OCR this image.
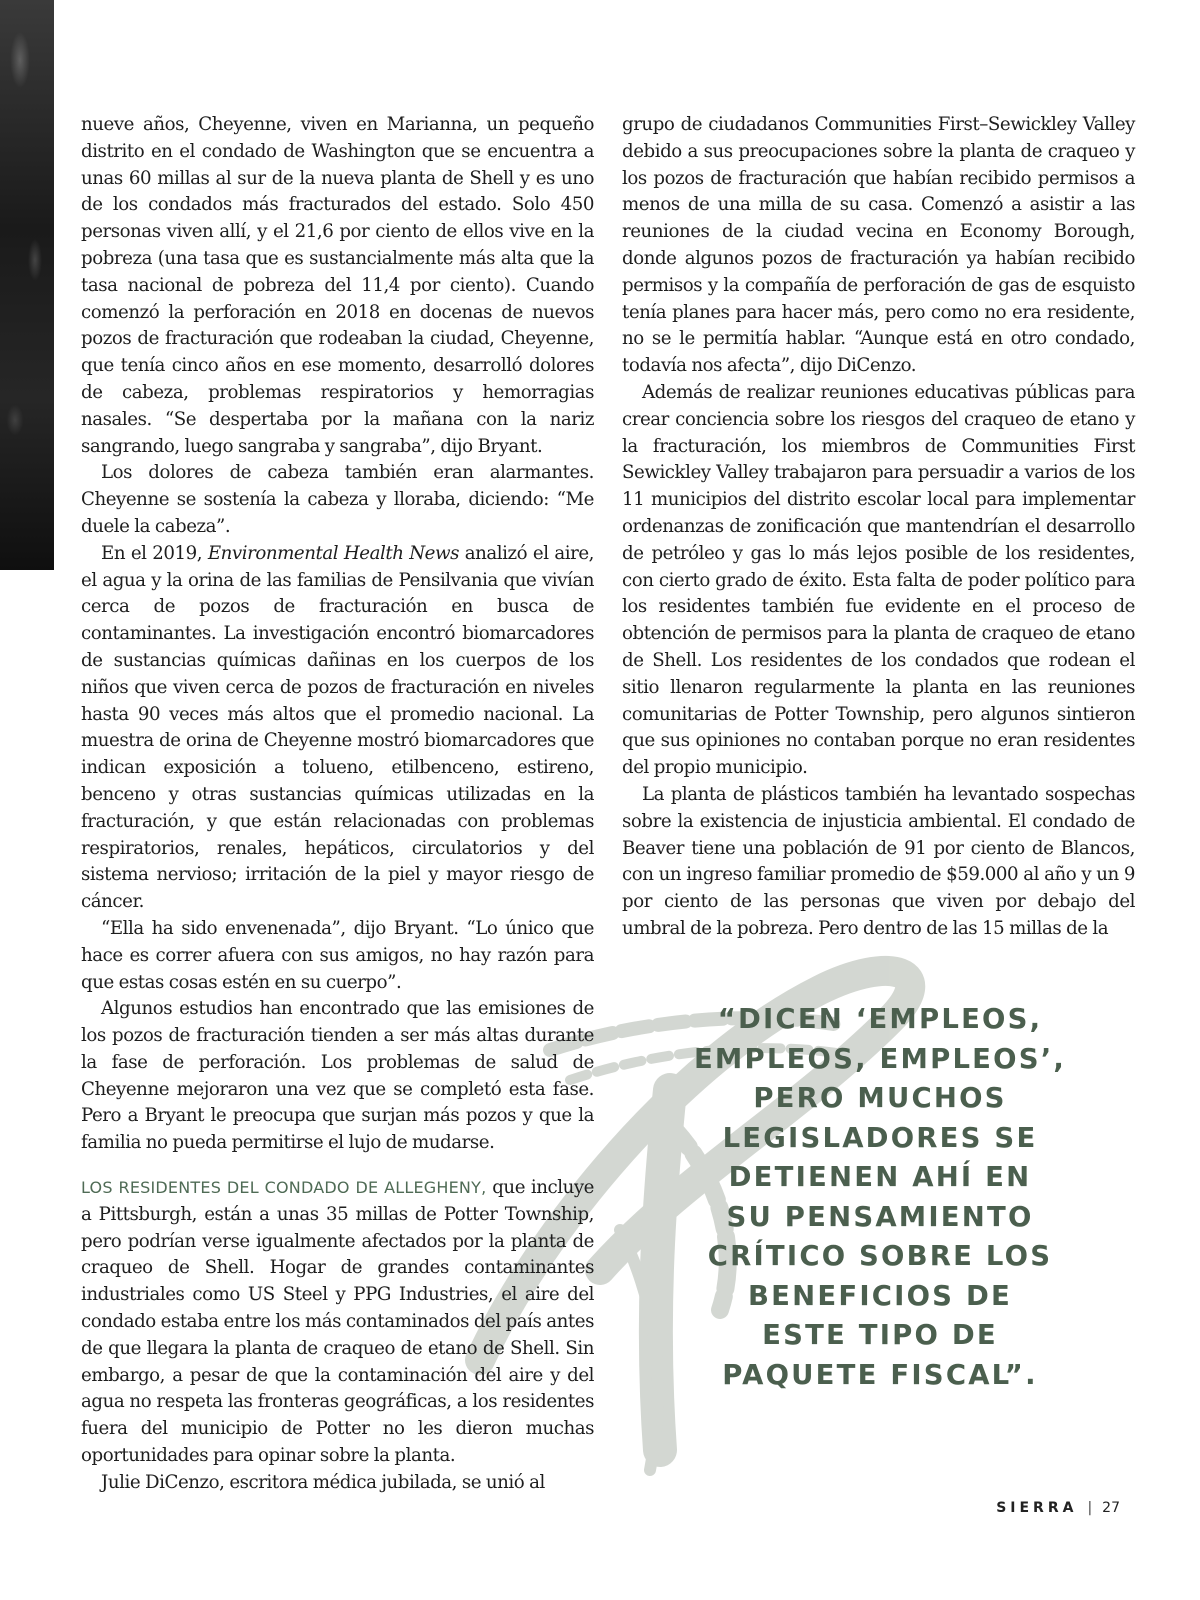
nueve años, Cheyenne, viven en Marianna, un pequeño distrito en el condado de Washington que se encuentra a unas 60 millas al sur de la nueva planta de Shell y es uno de los condados más fracturados del estado. Solo 450 personas viven allí, y el 21,6 por ciento de ellos vive en la pobreza (una tasa que es sustancialmente más alta que la tasa nacional de pobreza del 11,4 por ciento). Cuando comenzó la perforación en 2018 en docenas de nuevos pozos de fracturación que rodeaban la ciudad, Cheyenne, que tenía cinco años en ese momento, desarrolló dolores de cabeza, problemas respiratorios y hemorragias nasales. “Se despertaba por la mañana con la nariz sangrando, luego sangraba y sangraba”, dijo Bryant.

Los dolores de cabeza también eran alarmantes. Cheyenne se sostenía la cabeza y lloraba, diciendo: “Me duele la cabeza”.

En el 2019, Environmental Health News analizó el aire, el agua y la orina de las familias de Pensilvania que vivían cerca de pozos de fracturación en busca de contaminantes. La investigación encontró biomarcadores de sustancias químicas dañinas en los cuerpos de los niños que viven cerca de pozos de fracturación en niveles hasta 90 veces más altos que el promedio nacional. La muestra de orina de Cheyenne mostró biomarcadores que indican exposición a tolueno, etilbenceno, estireno, benceno y otras sustancias químicas utilizadas en la fracturación, y que están relacionadas con problemas respiratorios, renales, hepáticos, circulatorios y del sistema nervioso; irritación de la piel y mayor riesgo de cáncer.

“Ella ha sido envenenada”, dijo Bryant. “Lo único que hace es correr afuera con sus amigos, no hay razón para que estas cosas estén en su cuerpo”.

Algunos estudios han encontrado que las emisiones de los pozos de fracturación tienden a ser más altas durante la fase de perforación. Los problemas de salud de Cheyenne mejoraron una vez que se completó esta fase. Pero a Bryant le preocupa que surjan más pozos y que la familia no pueda permitirse el lujo de mudarse.

LOS RESIDENTES DEL CONDADO DE ALLEGHENY, que incluye a Pittsburgh, están a unas 35 millas de Potter Township, pero podrían verse igualmente afectados por la planta de craqueo de Shell. Hogar de grandes contaminantes industriales como US Steel y PPG Industries, el aire del condado estaba entre los más contaminados del país antes de que llegara la planta de craqueo de etano de Shell. Sin embargo, a pesar de que la contaminación del aire y del agua no respeta las fronteras geográficas, a los residentes fuera del municipio de Potter no les dieron muchas oportunidades para opinar sobre la planta.

Julie DiCenzo, escritora médica jubilada, se unió al

grupo de ciudadanos Communities First–Sewickley Valley debido a sus preocupaciones sobre la planta de craqueo y los pozos de fracturación que habían recibido permisos a menos de una milla de su casa. Comenzó a asistir a las reuniones de la ciudad vecina en Economy Borough, donde algunos pozos de fracturación ya habían recibido permisos y la compañía de perforación de gas de esquisto tenía planes para hacer más, pero como no era residente, no se le permitía hablar. “Aunque está en otro condado, todavía nos afecta”, dijo DiCenzo.

Además de realizar reuniones educativas públicas para crear conciencia sobre los riesgos del craqueo de etano y la fracturación, los miembros de Communities First Sewickley Valley trabajaron para persuadir a varios de los 11 municipios del distrito escolar local para implementar ordenanzas de zonificación que mantendrían el desarrollo de petróleo y gas lo más lejos posible de los residentes, con cierto grado de éxito. Esta falta de poder político para los residentes también fue evidente en el proceso de obtención de permisos para la planta de craqueo de etano de Shell. Los residentes de los condados que rodean el sitio llenaron regularmente la planta en las reuniones comunitarias de Potter Township, pero algunos sintieron que sus opiniones no contaban porque no eran residentes del propio municipio.

La planta de plásticos también ha levantado sospechas sobre la existencia de injusticia ambiental. El condado de Beaver tiene una población de 91 por ciento de Blancos, con un ingreso familiar promedio de $59.000 al año y un 9 por ciento de las personas que viven por debajo del umbral de la pobreza. Pero dentro de las 15 millas de la

“DICEN ‘EMPLEOS,
EMPLEOS, EMPLEOS’,
PERO MUCHOS
LEGISLADORES SE
DETIENEN AHÍ EN
SU PENSAMIENTO
CRÍTICO SOBRE LOS
BENEFICIOS DE
ESTE TIPO DE
PAQUETE FISCAL”.
SIERRA | 27
